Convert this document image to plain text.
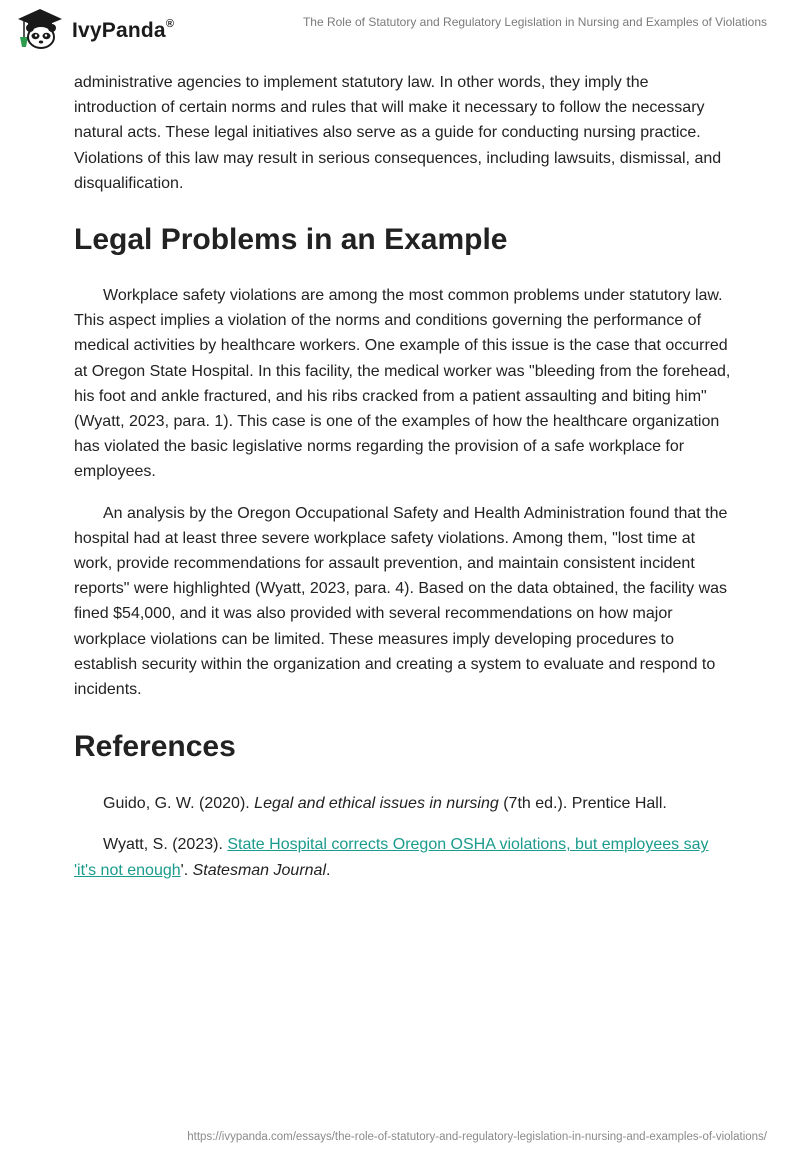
IvyPanda®	The Role of Statutory and Regulatory Legislation in Nursing and Examples of Violations

administrative agencies to implement statutory law. In other words, they imply the introduction of certain norms and rules that will make it necessary to follow the necessary natural acts. These legal initiatives also serve as a guide for conducting nursing practice. Violations of this law may result in serious consequences, including lawsuits, dismissal, and disqualification.

Legal Problems in an Example

Workplace safety violations are among the most common problems under statutory law. This aspect implies a violation of the norms and conditions governing the performance of medical activities by healthcare workers. One example of this issue is the case that occurred at Oregon State Hospital. In this facility, the medical worker was "bleeding from the forehead, his foot and ankle fractured, and his ribs cracked from a patient assaulting and biting him" (Wyatt, 2023, para. 1). This case is one of the examples of how the healthcare organization has violated the basic legislative norms regarding the provision of a safe workplace for employees.

An analysis by the Oregon Occupational Safety and Health Administration found that the hospital had at least three severe workplace safety violations. Among them, "lost time at work, provide recommendations for assault prevention, and maintain consistent incident reports" were highlighted (Wyatt, 2023, para. 4). Based on the data obtained, the facility was fined $54,000, and it was also provided with several recommendations on how major workplace violations can be limited. These measures imply developing procedures to establish security within the organization and creating a system to evaluate and respond to incidents.

References

Guido, G. W. (2020). Legal and ethical issues in nursing (7th ed.). Prentice Hall.

Wyatt, S. (2023). State Hospital corrects Oregon OSHA violations, but employees say 'it's not enough'. Statesman Journal.

https://ivypanda.com/essays/the-role-of-statutory-and-regulatory-legislation-in-nursing-and-examples-of-violations/
